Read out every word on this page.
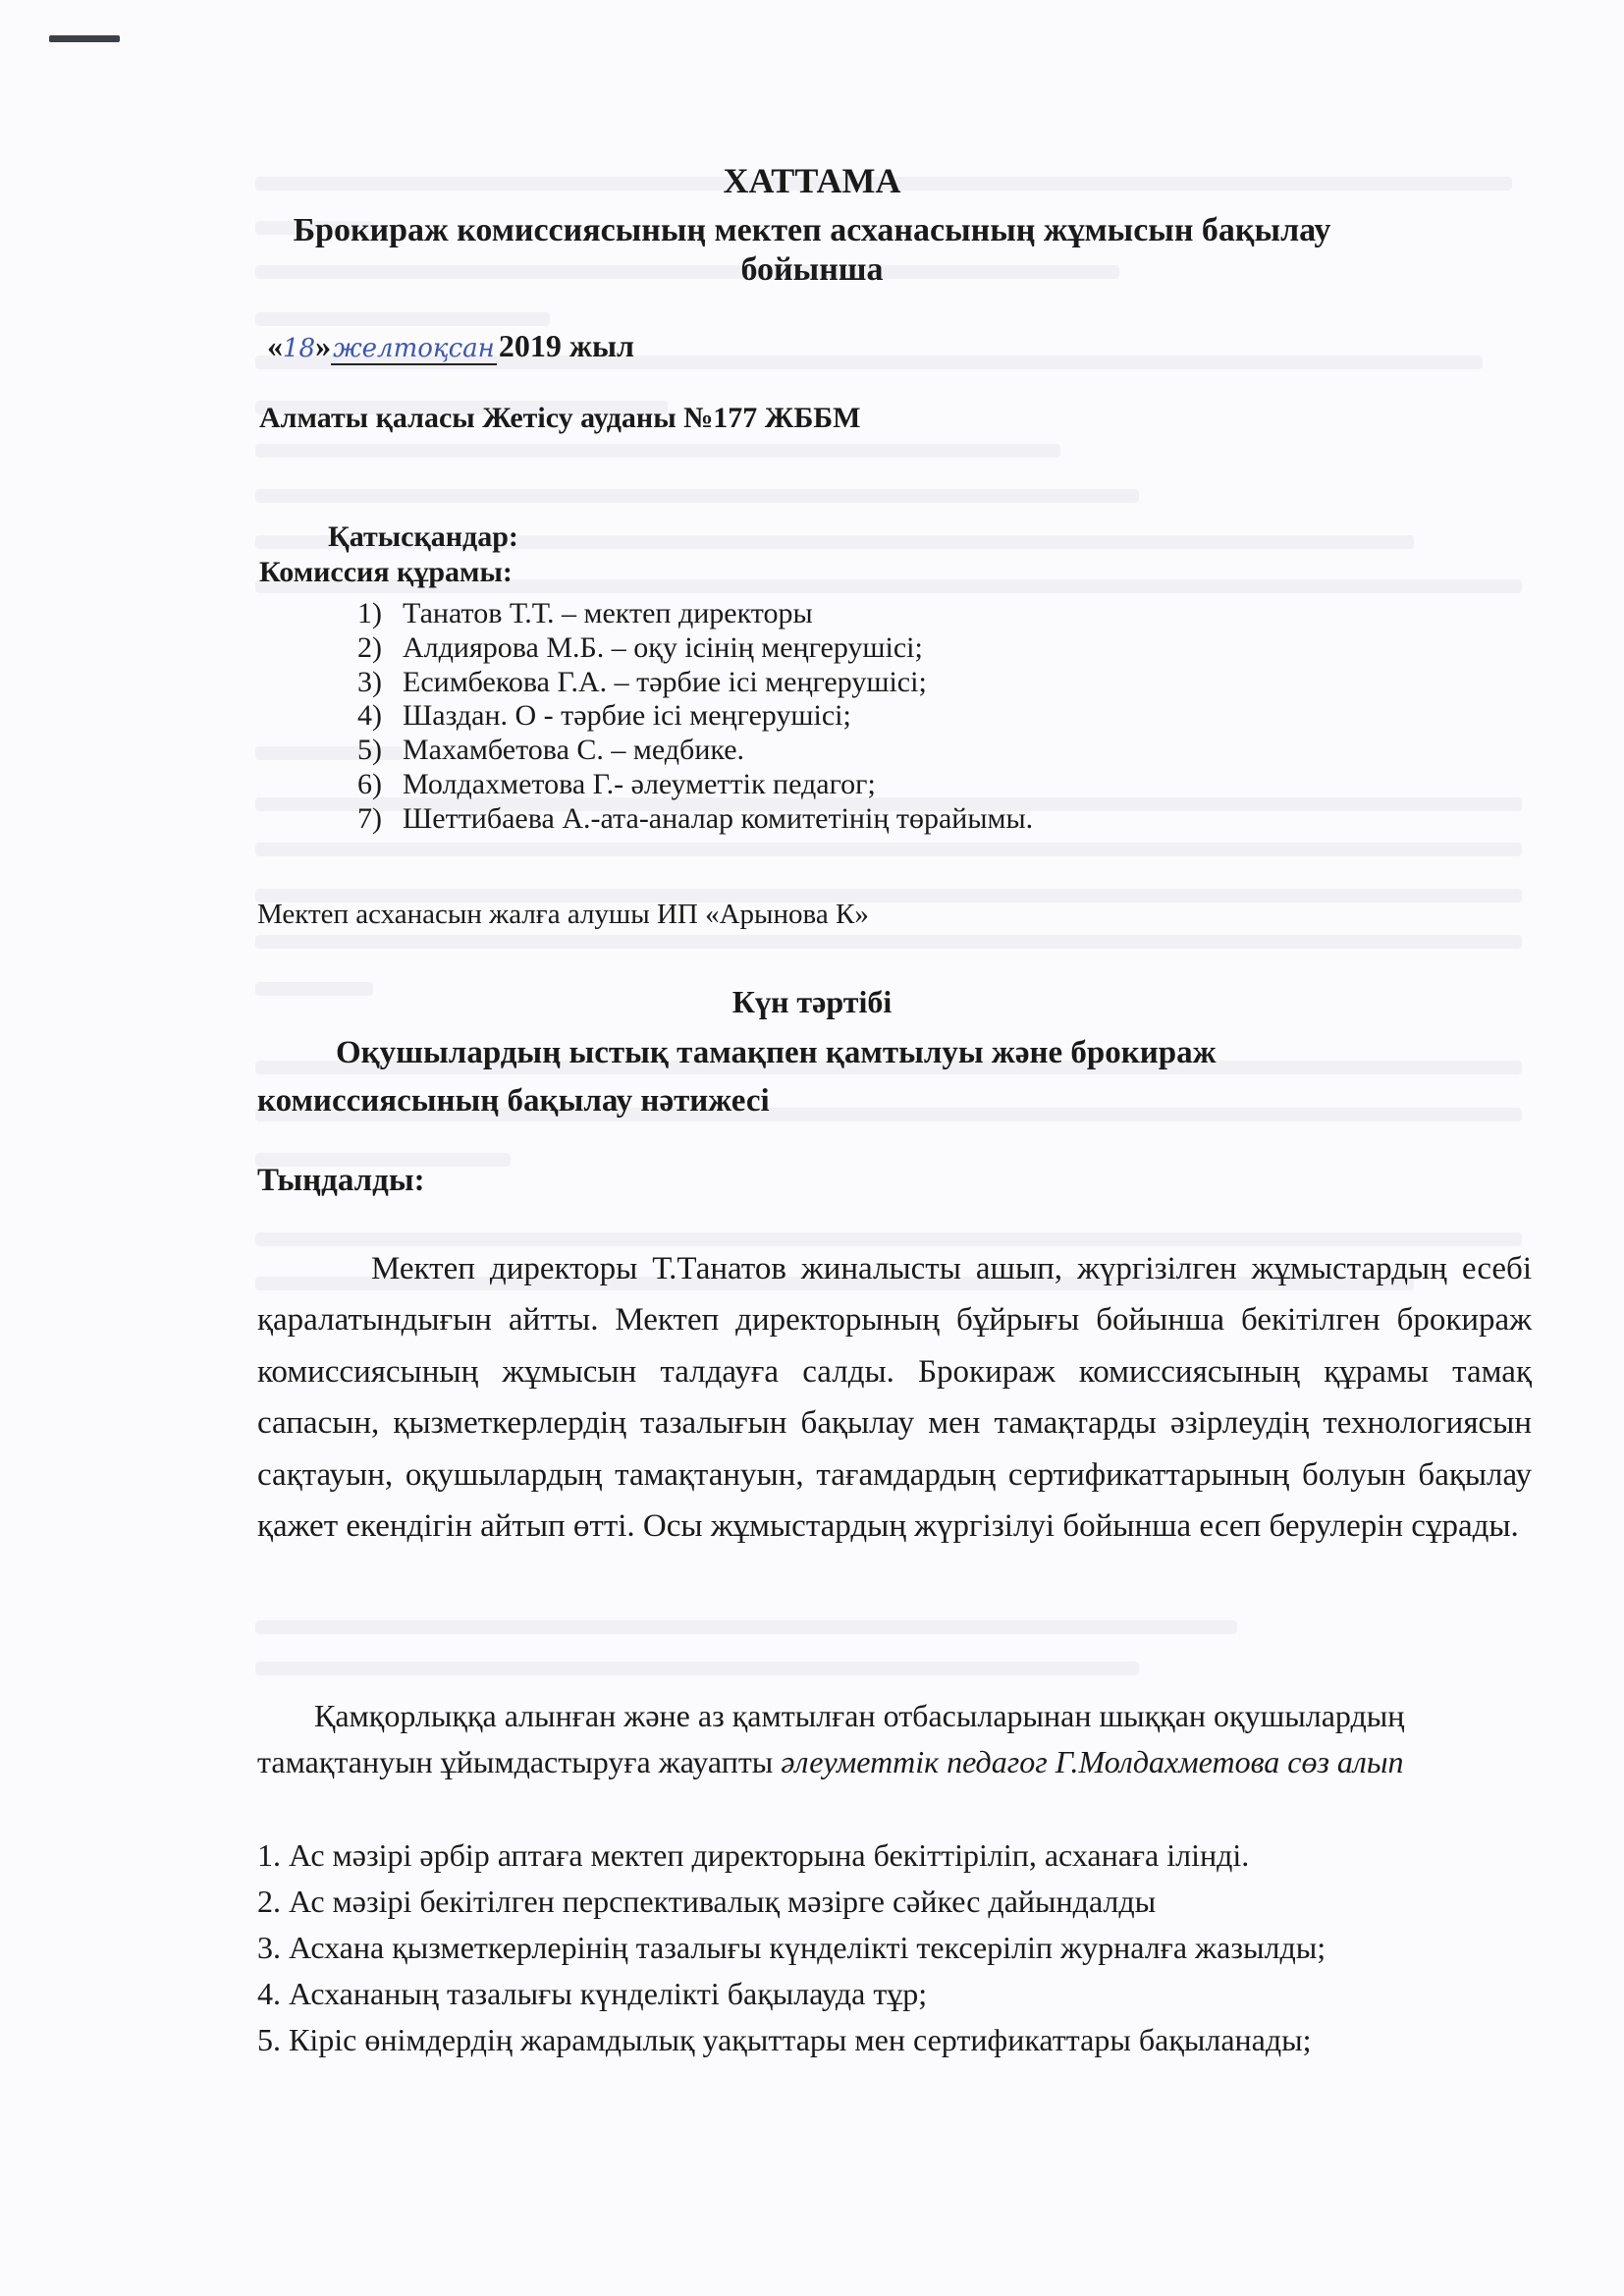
ХАТТАМА
Брокираж комиссиясының мектеп асханасының жұмысын бақылау
бойынша
« 18 » желтоқсан 2019 жыл
Алматы қаласы Жетісу ауданы №177 ЖББМ
Қатысқандар:
Комиссия құрамы:
1) Танатов Т.Т. – мектеп директоры
2) Алдиярова М.Б. – оқу ісінің меңгерушісі;
3) Есимбекова Г.А. – тәрбие ісі меңгерушісі;
4) Шаздан. О - тәрбие ісі меңгерушісі;
5) Махамбетова С. – медбике.
6) Молдахметова Г.- әлеуметтік педагог;
7) Шеттибаева А.-ата-аналар комитетінің төрайымы.
Мектеп асханасын жалға алушы ИП «Арынова К»
Күн тәртібі
Оқушылардың ыстық тамақпен қамтылуы және брокираж
комиссиясының бақылау нәтижесі
Тыңдалды:

Мектеп директоры Т.Танатов жиналысты ашып, жүргізілген жұмыстардың есебі қаралатындығын айтты. Мектеп директорының бұйрығы бойынша бекітілген брокираж комиссиясының жұмысын талдауға салды. Брокираж комиссиясының құрамы тамақ сапасын, қызметкерлердің тазалығын бақылау мен тамақтарды әзірлеудің технологиясын сақтауын, оқушылардың тамақтануын, тағамдардың сертификаттарының болуын бақылау қажет екендігін айтып өтті. Осы жұмыстардың жүргізілуі бойынша есеп берулерін сұрады.

Қамқорлыққа алынған және аз қамтылған отбасыларынан шыққан оқушылардың тамақтануын ұйымдастыруға жауапты әлеуметтік педагог Г.Молдахметова сөз алып

1. Ас мәзірі әрбір аптаға мектеп директорына бекіттіріліп, асханаға ілінді.
2. Ас мәзірі бекітілген перспективалық мәзірге сәйкес дайындалды
3. Асхана қызметкерлерінің тазалығы күнделікті тексеріліп журналға жазылды;
4. Асхананың тазалығы күнделікті бақылауда тұр;
5. Кіріс өнімдердің жарамдылық уақыттары мен сертификаттары бақыланады;
